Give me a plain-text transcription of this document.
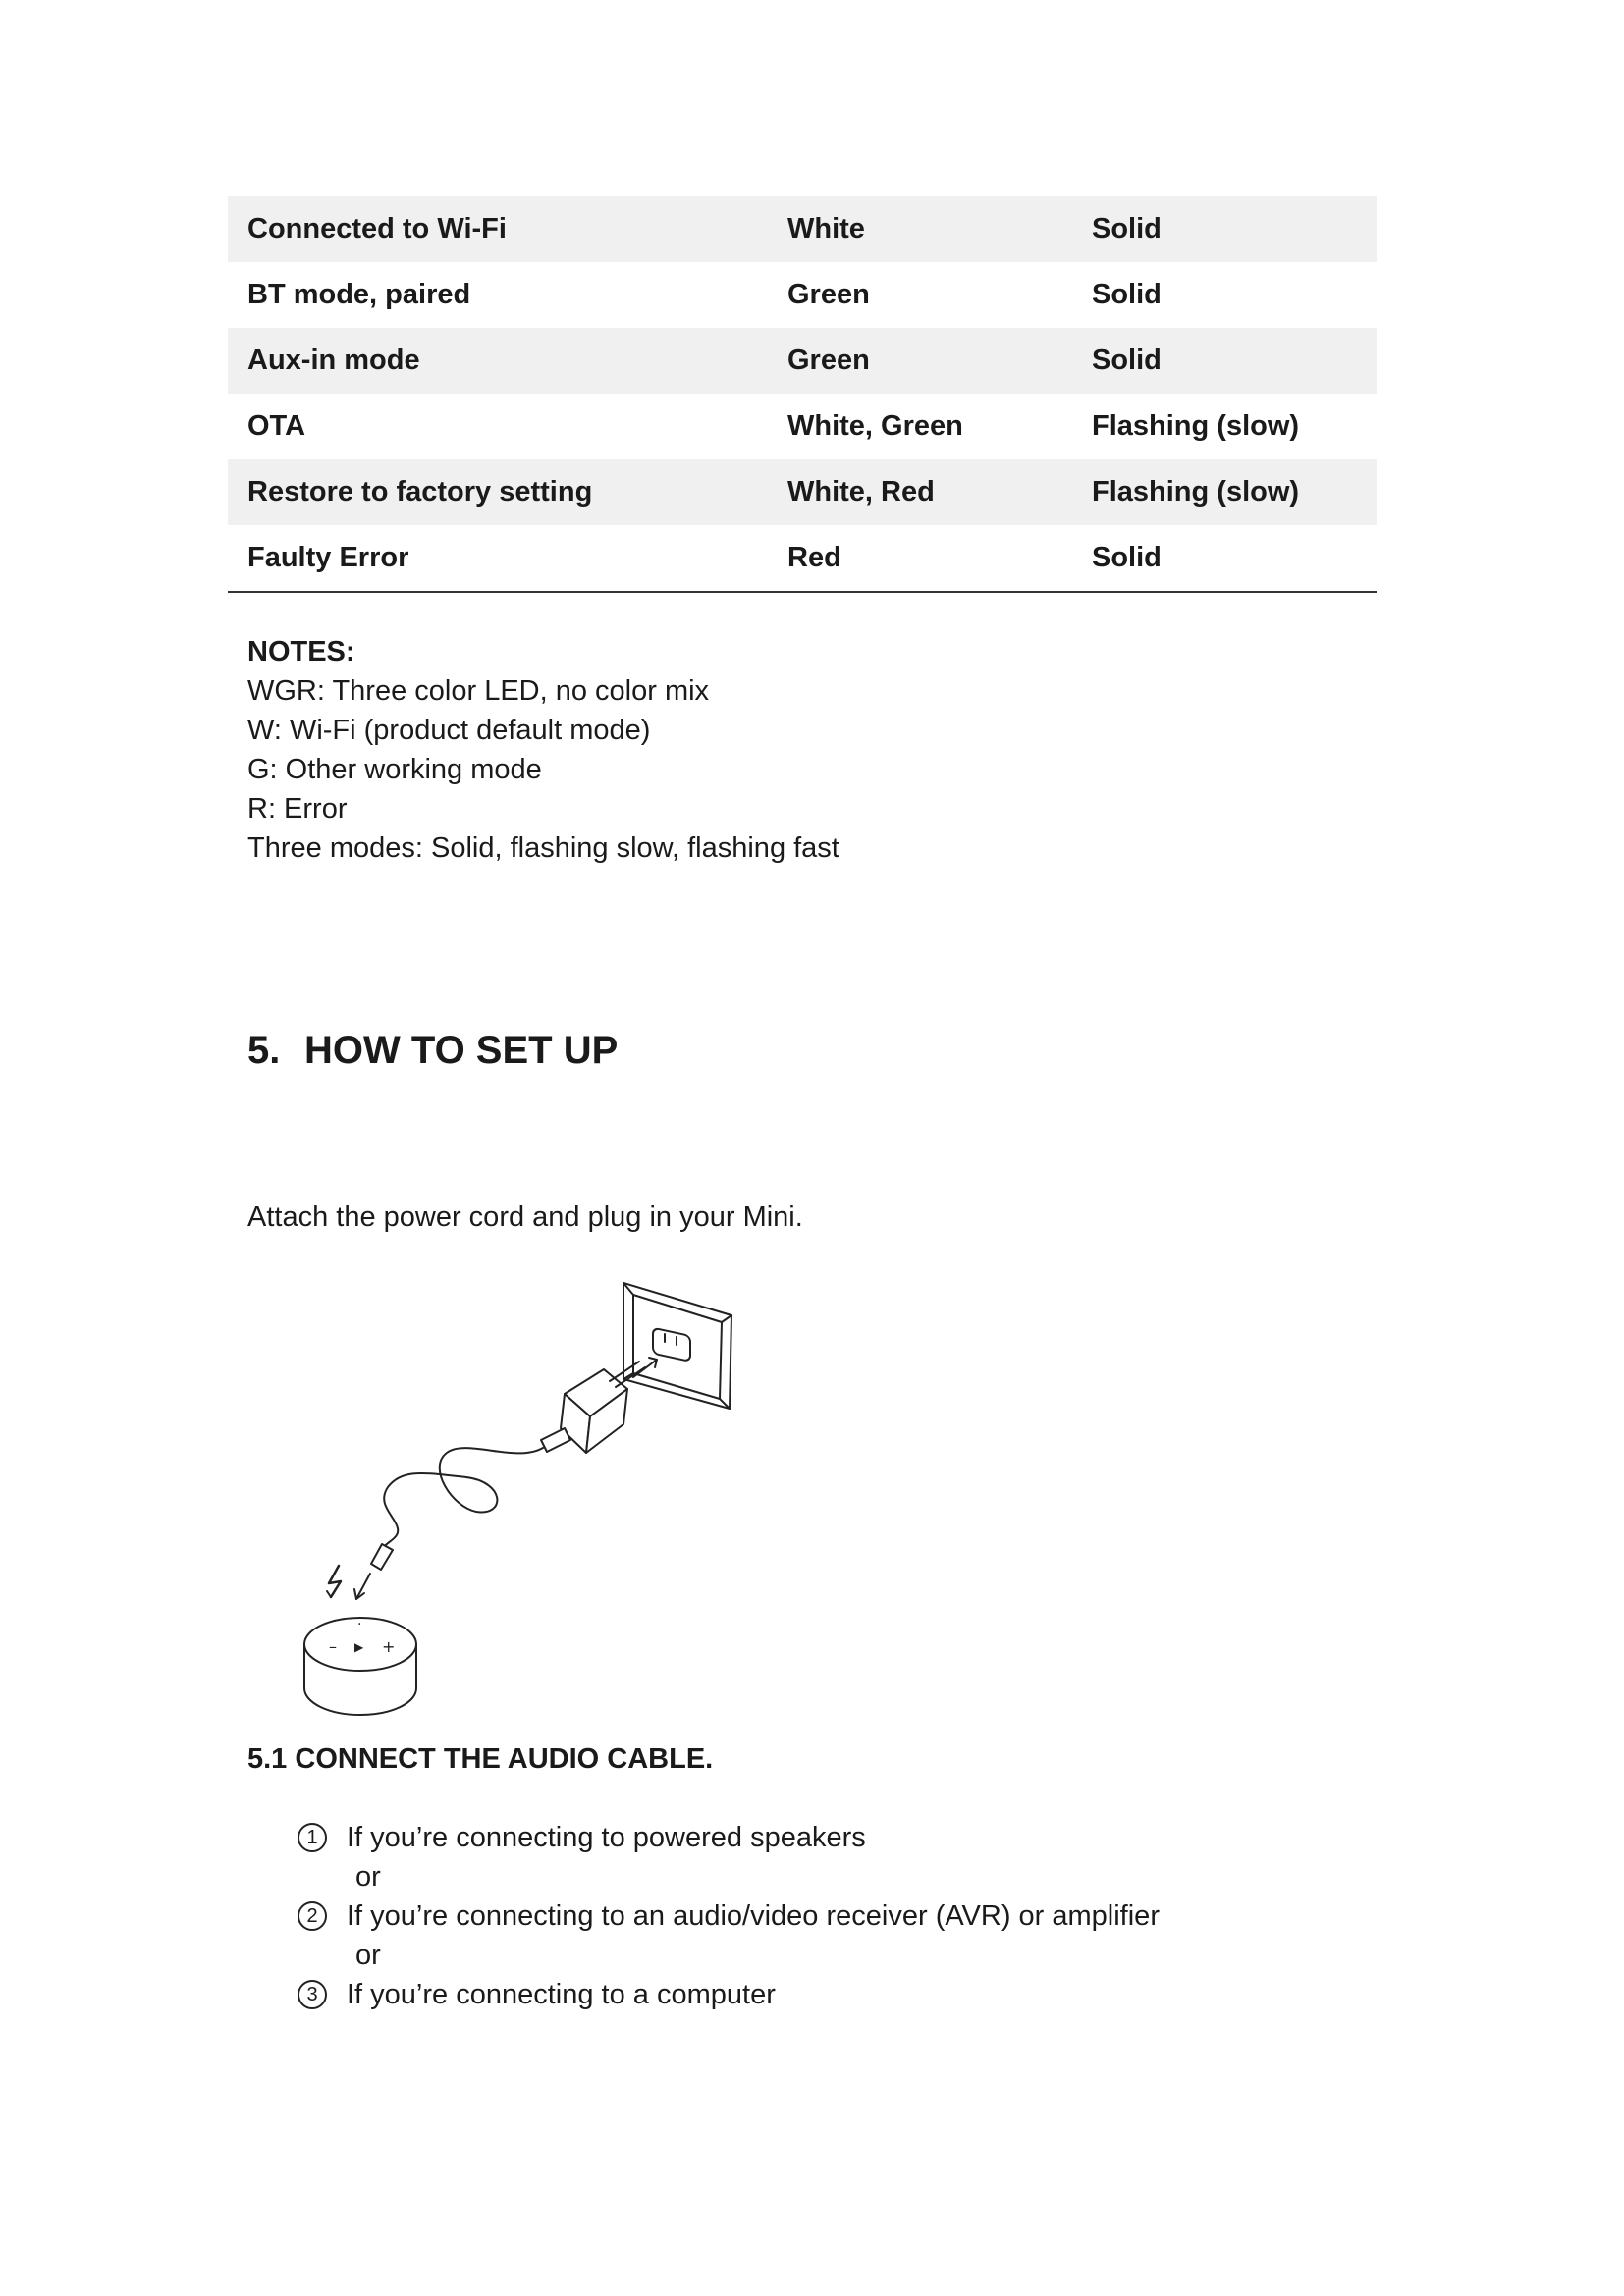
Connected to Wi-Fi	White	Solid
BT mode, paired	Green	Solid
Aux-in mode	Green	Solid
OTA	White, Green	Flashing (slow)
Restore to factory setting	White, Red	Flashing (slow)
Faulty Error	Red	Solid
NOTES:
WGR: Three color LED, no color mix
W: Wi-Fi (product default mode)
G: Other working mode
R: Error
Three modes: Solid, flashing slow, flashing fast
5. HOW TO SET UP
Attach the power cord and plug in your Mini.
– ▶ +
·
5.1 CONNECT THE AUDIO CABLE.
1	If you’re connecting to powered speakers
or
2	If you’re connecting to an audio/video receiver (AVR) or amplifier
or
3	If you’re connecting to a computer
